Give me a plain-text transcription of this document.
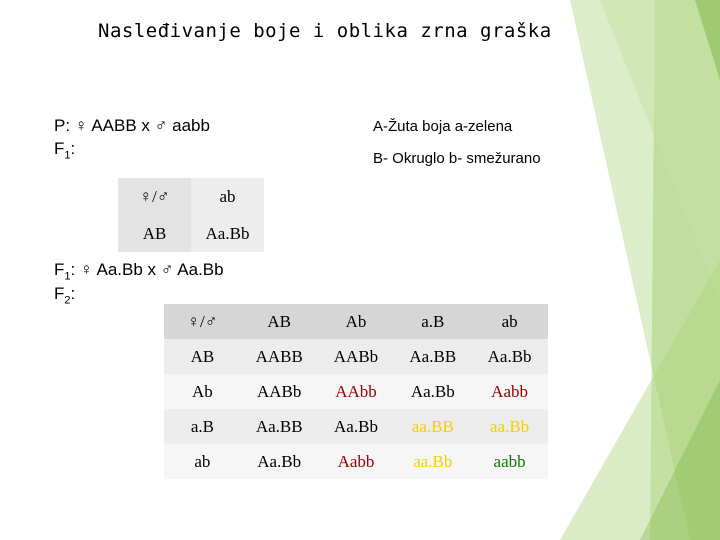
Nasleđivanje boje i oblika zrna graška
P: ♀ AABB x ♂ aabb
$F_1$:
A-Žuta boja a-zelena
B- Okruglo b- smežurano
♀/♂	ab
AB	Aa.Bb
$F_1$: ♀ Aa.Bb x ♂ Aa.Bb
$F_2$:
♀/♂	AB	Ab	a.B	ab
AB	AABB	AABb	Aa.BB	Aa.Bb
Ab	AABb	AAbb	Aa.Bb	Aabb
a.B	Aa.BB	Aa.Bb	aa.BB	aa.Bb
ab	Aa.Bb	Aabb	aa.Bb	aabb
